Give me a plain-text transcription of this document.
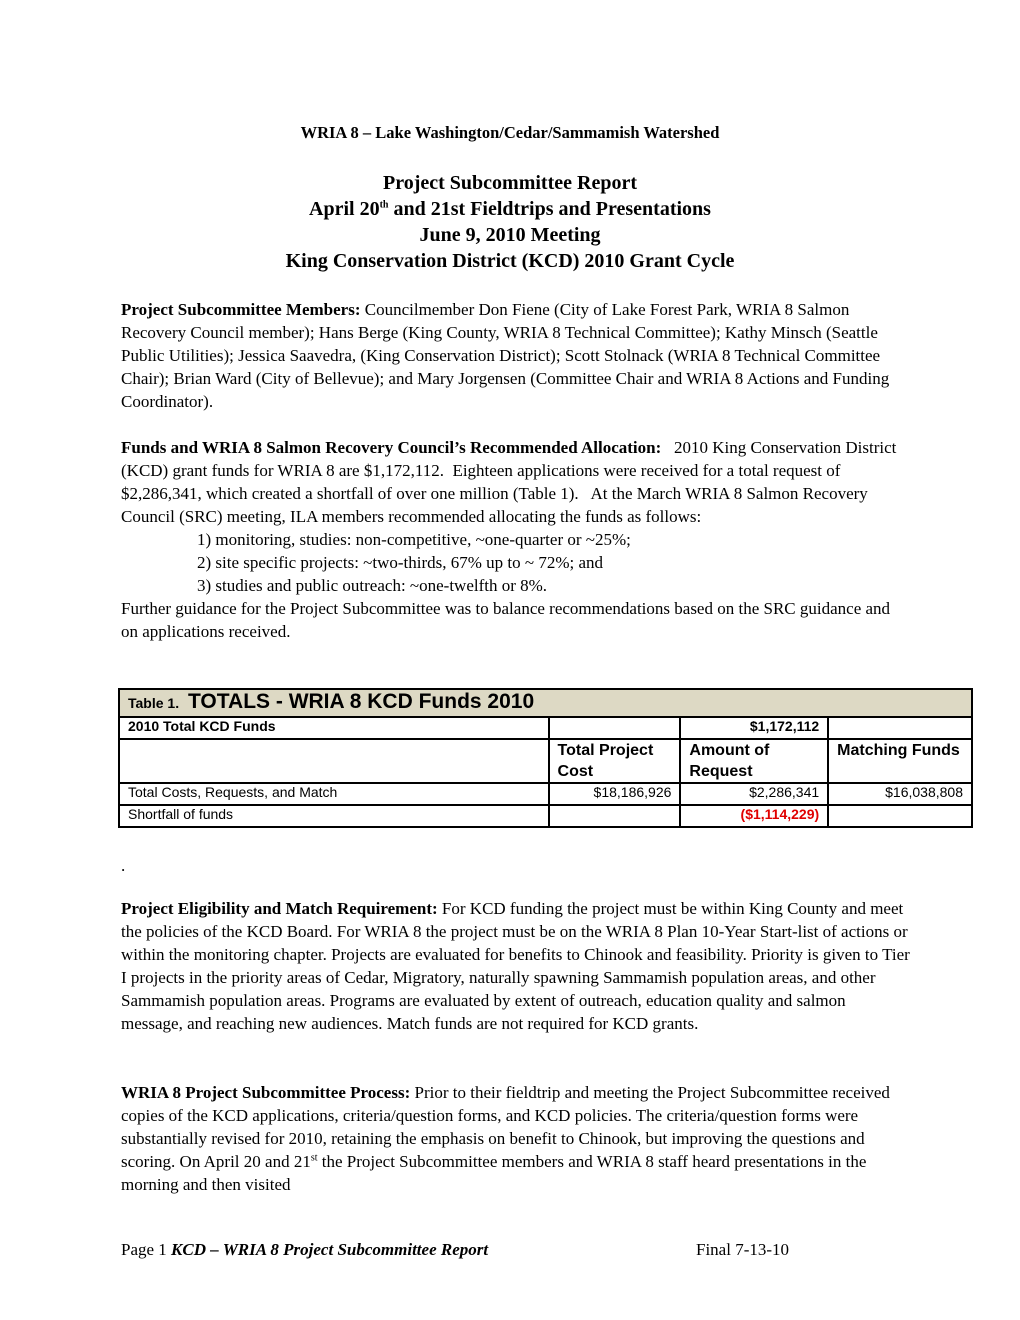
WRIA 8 – Lake Washington/Cedar/Sammamish Watershed
Project Subcommittee Report
April 20th and 21st Fieldtrips and Presentations
June 9, 2010 Meeting
King Conservation District (KCD) 2010 Grant Cycle
Project Subcommittee Members: Councilmember Don Fiene (City of Lake Forest Park, WRIA 8 Salmon Recovery Council member); Hans Berge (King County, WRIA 8 Technical Committee); Kathy Minsch (Seattle Public Utilities); Jessica Saavedra, (King Conservation District); Scott Stolnack (WRIA 8 Technical Committee Chair); Brian Ward (City of Bellevue); and Mary Jorgensen (Committee Chair and WRIA 8 Actions and Funding Coordinator).
Funds and WRIA 8 Salmon Recovery Council’s Recommended Allocation:   2010 King Conservation District (KCD) grant funds for WRIA 8 are $1,172,112.  Eighteen applications were received for a total request of $2,286,341, which created a shortfall of over one million (Table 1).   At the March WRIA 8 Salmon Recovery Council (SRC) meeting, ILA members recommended allocating the funds as follows:
1) monitoring, studies: non-competitive, ~one-quarter or ~25%;
2) site specific projects: ~two-thirds, 67% up to ~ 72%; and
3) studies and public outreach: ~one-twelfth or 8%.
Further guidance for the Project Subcommittee was to balance recommendations based on the SRC guidance and on applications received.
Table 1. TOTALS - WRIA 8 KCD Funds 2010			
2010 Total KCD Funds		$1,172,112	
	Total Project Cost	Amount of Request	Matching Funds
Total Costs, Requests, and Match	$18,186,926	$2,286,341	$16,038,808
Shortfall of funds		($1,114,229)	
.
Project Eligibility and Match Requirement: For KCD funding the project must be within King County and meet the policies of the KCD Board. For WRIA 8 the project must be on the WRIA 8 Plan 10-Year Start-list of actions or within the monitoring chapter. Projects are evaluated for benefits to Chinook and feasibility. Priority is given to Tier I projects in the priority areas of Cedar, Migratory, naturally spawning Sammamish population areas, and other Sammamish population areas. Programs are evaluated by extent of outreach, education quality and salmon message, and reaching new audiences. Match funds are not required for KCD grants.
WRIA 8 Project Subcommittee Process: Prior to their fieldtrip and meeting the Project Subcommittee received copies of the KCD applications, criteria/question forms, and KCD policies. The criteria/question forms were substantially revised for 2010, retaining the emphasis on benefit to Chinook, but improving the questions and scoring. On April 20 and 21st the Project Subcommittee members and WRIA 8 staff heard presentations in the morning and then visited
Page 1 KCD – WRIA 8 Project Subcommittee Report	Final 7-13-10
